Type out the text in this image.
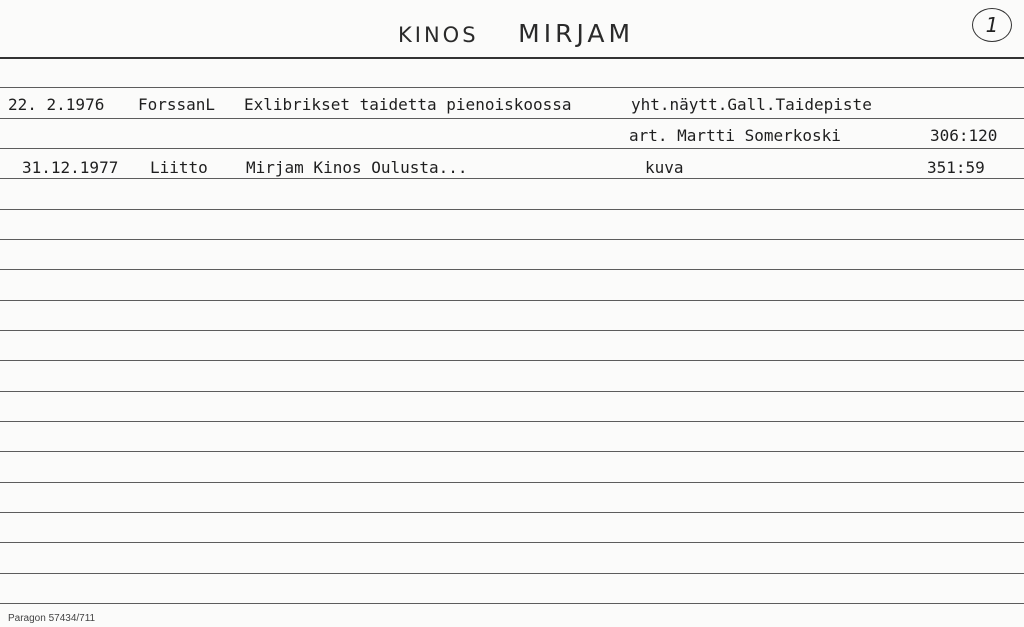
KINOS MIRJAM	1
22. 2.1976 ForssanL Exlibrikset taidetta pienoiskoossa	yht.näytt.Gall.Taidepiste
art. Martti Somerkoski	306:120
31.12.1977 Liitto Mirjam Kinos Oulusta...	kuva	351:59
Paragon 57434/711
